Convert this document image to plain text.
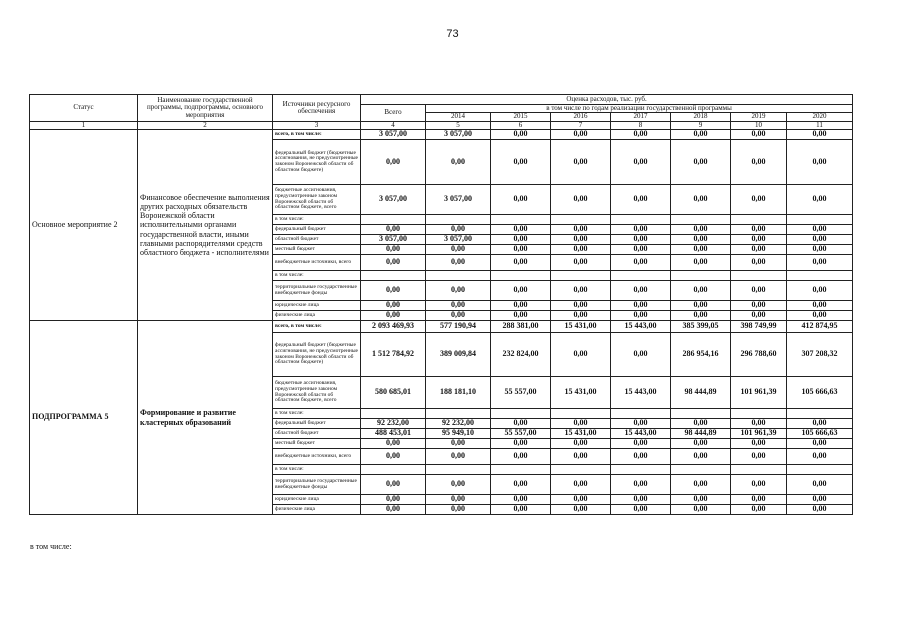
73
Статус	Наименование государственной программы, подпрограммы, основного мероприятия	Источники ресурсного обеспечения	Оценка расходов, тыс. руб.							
			Всего	в том числе по годам реализации государственной программы						
				2014	2015	2016	2017	2018	2019	2020
1	2	3	4	5	6	7	8	9	10	11
Основное мероприятие 2	Финансовое обеспечение выполнения других расходных обязательств Воронежской области исполнительными органами государственной власти, иными главными распорядителями средств областного бюджета - исполнителями	всего, в том числе:	3 057,00	3 057,00	0,00	0,00	0,00	0,00	0,00	0,00
		федеральный бюджет (бюджетные ассигнования, не предусмотренные законом Воронежской области об областном бюджете)	0,00	0,00	0,00	0,00	0,00	0,00	0,00	0,00
		бюджетные ассигнования, предусмотренные законом Воронежской области об областном бюджете, всего	3 057,00	3 057,00	0,00	0,00	0,00	0,00	0,00	0,00
		в том числе:								
		федеральный бюджет	0,00	0,00	0,00	0,00	0,00	0,00	0,00	0,00
		областной бюджет	3 057,00	3 057,00	0,00	0,00	0,00	0,00	0,00	0,00
		местный бюджет	0,00	0,00	0,00	0,00	0,00	0,00	0,00	0,00
		внебюджетные источники, всего	0,00	0,00	0,00	0,00	0,00	0,00	0,00	0,00
		в том числе:								
		территориальные государственные внебюджетные фонды	0,00	0,00	0,00	0,00	0,00	0,00	0,00	0,00
		юридические лица	0,00	0,00	0,00	0,00	0,00	0,00	0,00	0,00
		физические лица	0,00	0,00	0,00	0,00	0,00	0,00	0,00	0,00
ПОДПРОГРАММА 5	Формирование и развитие кластерных образований	всего, в том числе:	2 093 469,93	577 190,94	288 381,00	15 431,00	15 443,00	385 399,05	398 749,99	412 874,95
		федеральный бюджет (бюджетные ассигнования, не предусмотренные законом Воронежской области об областном бюджете)	1 512 784,92	389 009,84	232 824,00	0,00	0,00	286 954,16	296 788,60	307 208,32
		бюджетные ассигнования, предусмотренные законом Воронежской области об областном бюджете, всего	580 685,01	188 181,10	55 557,00	15 431,00	15 443,00	98 444,89	101 961,39	105 666,63
		в том числе:								
		федеральный бюджет	92 232,00	92 232,00	0,00	0,00	0,00	0,00	0,00	0,00
		областной бюджет	488 453,01	95 949,10	55 557,00	15 431,00	15 443,00	98 444,89	101 961,39	105 666,63
		местный бюджет	0,00	0,00	0,00	0,00	0,00	0,00	0,00	0,00
		внебюджетные источники, всего	0,00	0,00	0,00	0,00	0,00	0,00	0,00	0,00
		в том числе:								
		территориальные государственные внебюджетные фонды	0,00	0,00	0,00	0,00	0,00	0,00	0,00	0,00
		юридические лица	0,00	0,00	0,00	0,00	0,00	0,00	0,00	0,00
		физические лица	0,00	0,00	0,00	0,00	0,00	0,00	0,00	0,00
в том числе:
